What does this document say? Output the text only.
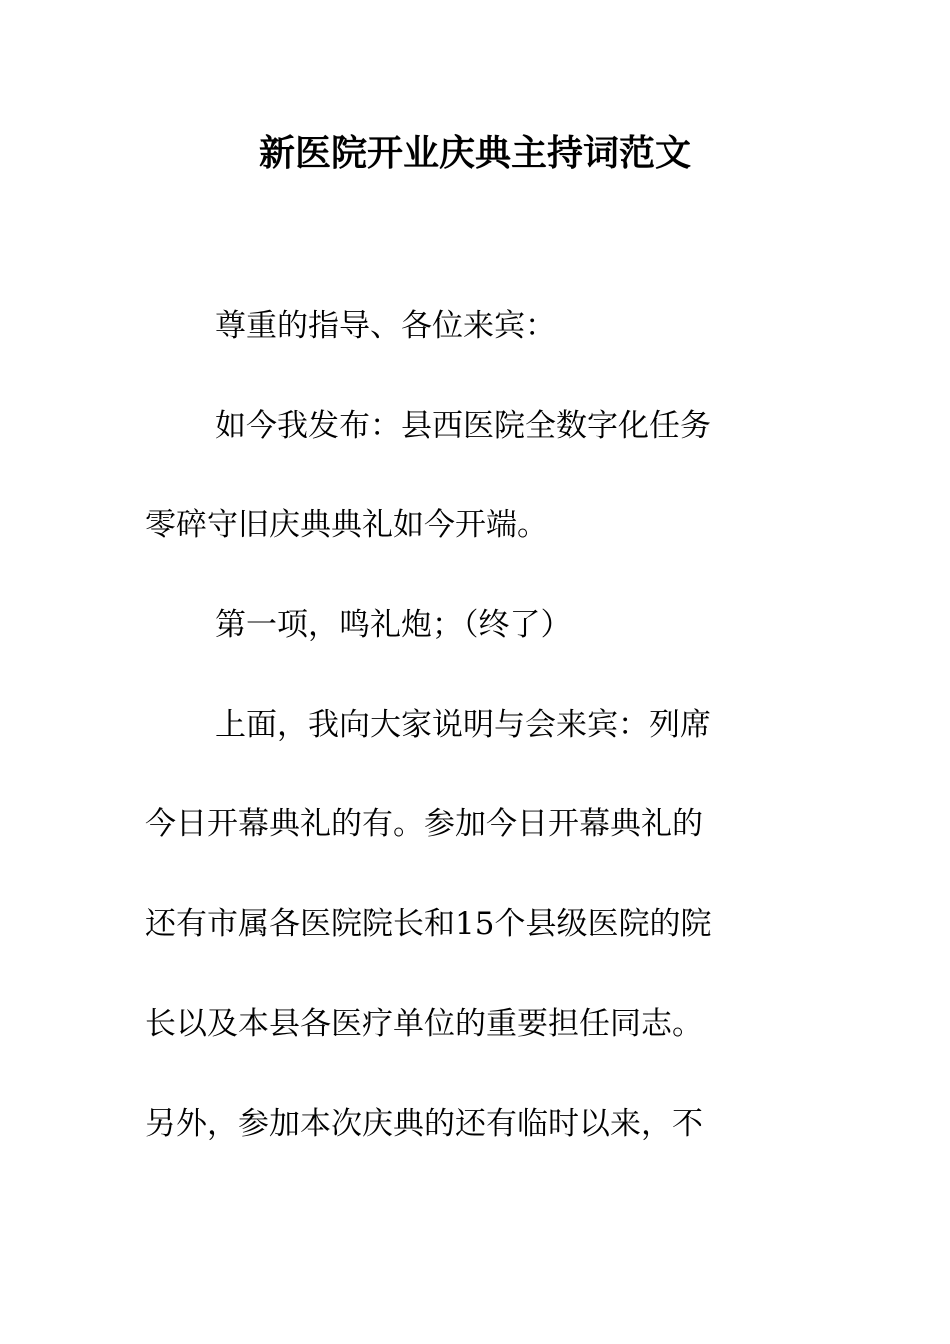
新医院开业庆典主持词范文

尊重的指导、各位来宾：

如今我发布：县西医院全数字化任务

零碎守旧庆典典礼如今开端。

第一项，鸣礼炮；（终了）

上面，我向大家说明与会来宾：列席

今日开幕典礼的有。参加今日开幕典礼的

还有市属各医院院长和15个县级医院的院

长以及本县各医疗单位的重要担任同志。

另外，参加本次庆典的还有临时以来，不
